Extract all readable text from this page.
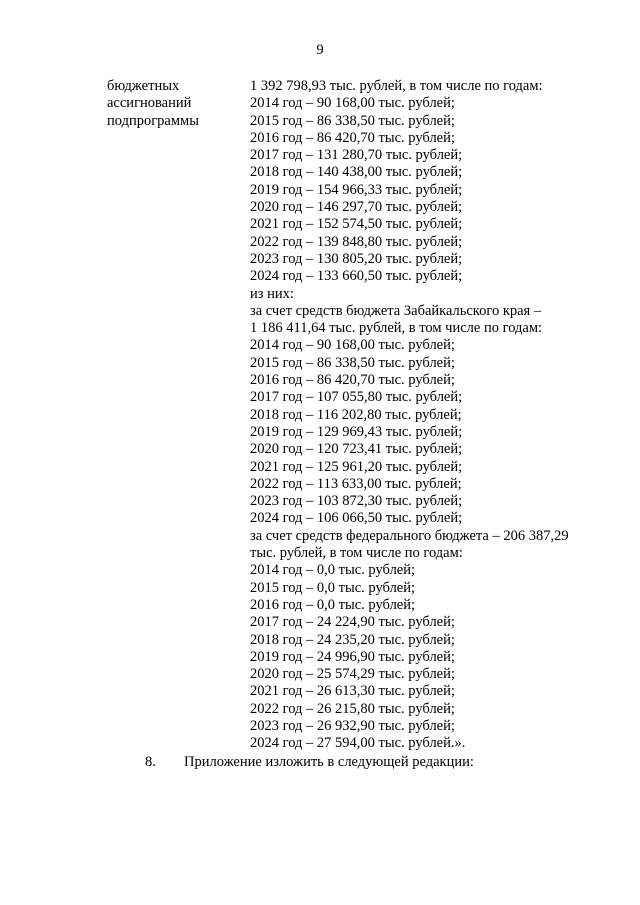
9
бюджетных
ассигнований
подпрограммы
1 392 798,93 тыс. рублей, в том числе по годам:
2014 год – 90 168,00 тыс. рублей;
2015 год – 86 338,50 тыс. рублей;
2016 год – 86 420,70 тыс. рублей;
2017 год – 131 280,70 тыс. рублей;
2018 год – 140 438,00 тыс. рублей;
2019 год – 154 966,33 тыс. рублей;
2020 год – 146 297,70 тыс. рублей;
2021 год – 152 574,50 тыс. рублей;
2022 год – 139 848,80 тыс. рублей;
2023 год – 130 805,20 тыс. рублей;
2024 год – 133 660,50 тыс. рублей;
из них:
за счет средств бюджета Забайкальского края –
1 186 411,64 тыс. рублей, в том числе по годам:
2014 год – 90 168,00 тыс. рублей;
2015 год – 86 338,50 тыс. рублей;
2016 год – 86 420,70 тыс. рублей;
2017 год – 107 055,80 тыс. рублей;
2018 год – 116 202,80 тыс. рублей;
2019 год – 129 969,43 тыс. рублей;
2020 год – 120 723,41 тыс. рублей;
2021 год – 125 961,20 тыс. рублей;
2022 год – 113 633,00 тыс. рублей;
2023 год – 103 872,30 тыс. рублей;
2024 год – 106 066,50 тыс. рублей;
за счет средств федерального бюджета – 206 387,29
тыс. рублей, в том числе по годам:
2014 год – 0,0 тыс. рублей;
2015 год – 0,0 тыс. рублей;
2016 год – 0,0 тыс. рублей;
2017 год – 24 224,90 тыс. рублей;
2018 год – 24 235,20 тыс. рублей;
2019 год – 24 996,90 тыс. рублей;
2020 год – 25 574,29 тыс. рублей;
2021 год – 26 613,30 тыс. рублей;
2022 год – 26 215,80 тыс. рублей;
2023 год – 26 932,90 тыс. рублей;
2024 год – 27 594,00 тыс. рублей.».
8. Приложение изложить в следующей редакции:
